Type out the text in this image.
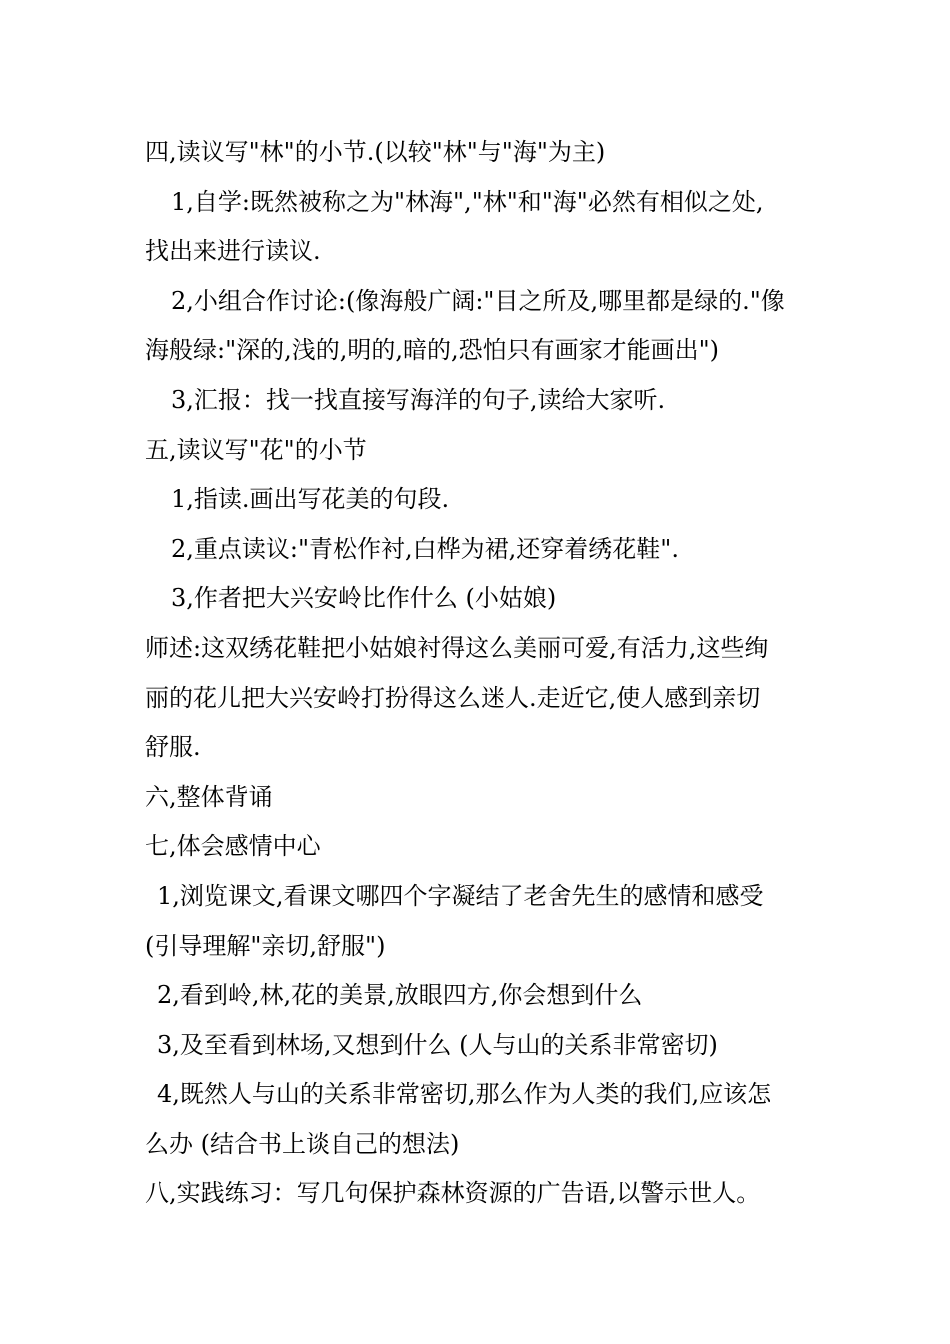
四,读议写"林"的小节.(以较"林"与"海"为主)
1,自学:既然被称之为"林海","林"和"海"必然有相似之处,
找出来进行读议.
2,小组合作讨论:(像海般广阔:"目之所及,哪里都是绿的."像
海般绿:"深的,浅的,明的,暗的,恐怕只有画家才能画出")
3,汇报：找一找直接写海洋的句子,读给大家听.
五,读议写"花"的小节
1,指读.画出写花美的句段.
2,重点读议:"青松作衬,白桦为裙,还穿着绣花鞋".
3,作者把大兴安岭比作什么 (小姑娘)
师述:这双绣花鞋把小姑娘衬得这么美丽可爱,有活力,这些绚
丽的花儿把大兴安岭打扮得这么迷人.走近它,使人感到亲切
舒服.
六,整体背诵
七,体会感情中心
1,浏览课文,看课文哪四个字凝结了老舍先生的感情和感受
(引导理解"亲切,舒服")
2,看到岭,林,花的美景,放眼四方,你会想到什么
3,及至看到林场,又想到什么 (人与山的关系非常密切)
4,既然人与山的关系非常密切,那么作为人类的我们,应该怎
么办 (结合书上谈自己的想法)
八,实践练习：写几句保护森林资源的广告语,以警示世人。
